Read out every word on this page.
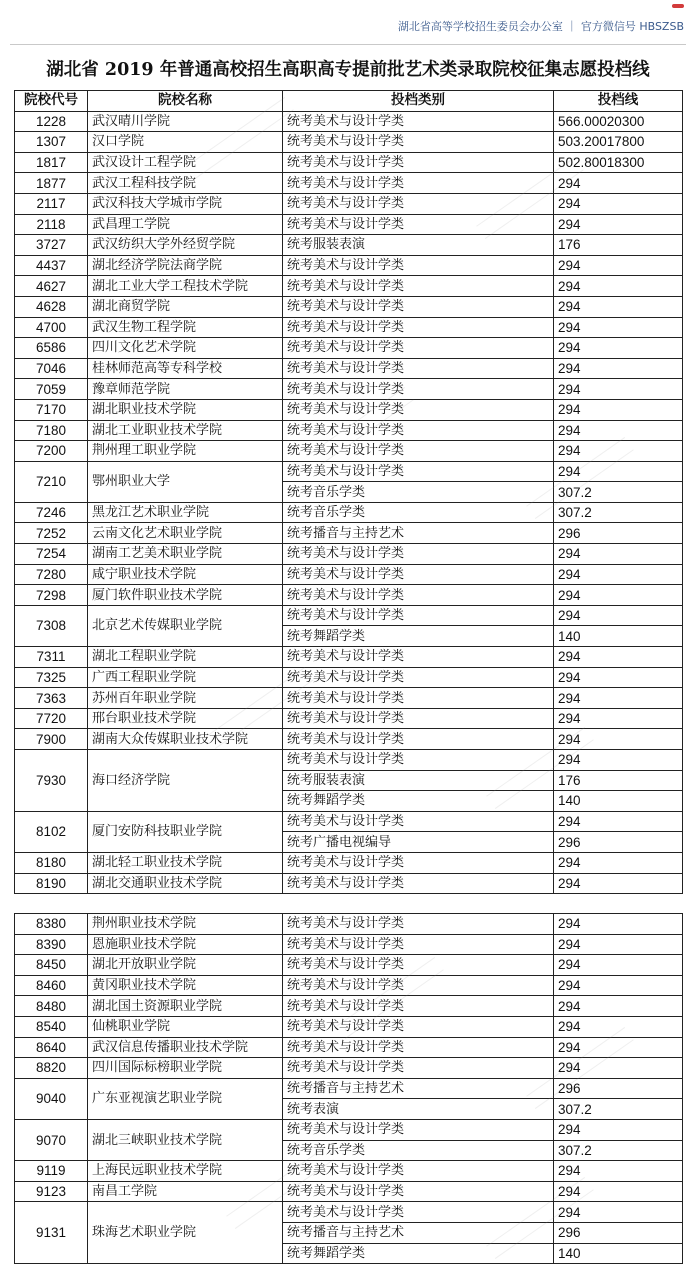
湖北省高等学校招生委员会办公室 ｜ 官方微信号 HBSZSB
湖北省 2019 年普通高校招生高职高专提前批艺术类录取院校征集志愿投档线
院校代号	院校名称	投档类别	投档线
1228	武汉晴川学院	统考美术与设计学类	566.00020300
1307	汉口学院	统考美术与设计学类	503.20017800
1817	武汉设计工程学院	统考美术与设计学类	502.80018300
1877	武汉工程科技学院	统考美术与设计学类	294
2117	武汉科技大学城市学院	统考美术与设计学类	294
2118	武昌理工学院	统考美术与设计学类	294
3727	武汉纺织大学外经贸学院	统考服装表演	176
4437	湖北经济学院法商学院	统考美术与设计学类	294
4627	湖北工业大学工程技术学院	统考美术与设计学类	294
4628	湖北商贸学院	统考美术与设计学类	294
4700	武汉生物工程学院	统考美术与设计学类	294
6586	四川文化艺术学院	统考美术与设计学类	294
7046	桂林师范高等专科学校	统考美术与设计学类	294
7059	豫章师范学院	统考美术与设计学类	294
7170	湖北职业技术学院	统考美术与设计学类	294
7180	湖北工业职业技术学院	统考美术与设计学类	294
7200	荆州理工职业学院	统考美术与设计学类	294
7210	鄂州职业大学	统考美术与设计学类	294
		统考音乐学类	307.2
7246	黑龙江艺术职业学院	统考音乐学类	307.2
7252	云南文化艺术职业学院	统考播音与主持艺术	296
7254	湖南工艺美术职业学院	统考美术与设计学类	294
7280	咸宁职业技术学院	统考美术与设计学类	294
7298	厦门软件职业技术学院	统考美术与设计学类	294
7308	北京艺术传媒职业学院	统考美术与设计学类	294
		统考舞蹈学类	140
7311	湖北工程职业学院	统考美术与设计学类	294
7325	广西工程职业学院	统考美术与设计学类	294
7363	苏州百年职业学院	统考美术与设计学类	294
7720	邢台职业技术学院	统考美术与设计学类	294
7900	湖南大众传媒职业技术学院	统考美术与设计学类	294
7930	海口经济学院	统考美术与设计学类	294
		统考服装表演	176
		统考舞蹈学类	140
8102	厦门安防科技职业学院	统考美术与设计学类	294
		统考广播电视编导	296
8180	湖北轻工职业技术学院	统考美术与设计学类	294
8190	湖北交通职业技术学院	统考美术与设计学类	294
8380	荆州职业技术学院	统考美术与设计学类	294
8390	恩施职业技术学院	统考美术与设计学类	294
8450	湖北开放职业学院	统考美术与设计学类	294
8460	黄冈职业技术学院	统考美术与设计学类	294
8480	湖北国土资源职业学院	统考美术与设计学类	294
8540	仙桃职业学院	统考美术与设计学类	294
8640	武汉信息传播职业技术学院	统考美术与设计学类	294
8820	四川国际标榜职业学院	统考美术与设计学类	294
9040	广东亚视演艺职业学院	统考播音与主持艺术	296
		统考表演	307.2
9070	湖北三峡职业技术学院	统考美术与设计学类	294
		统考音乐学类	307.2
9119	上海民远职业技术学院	统考美术与设计学类	294
9123	南昌工学院	统考美术与设计学类	294
9131	珠海艺术职业学院	统考美术与设计学类	294
		统考播音与主持艺术	296
		统考舞蹈学类	140
